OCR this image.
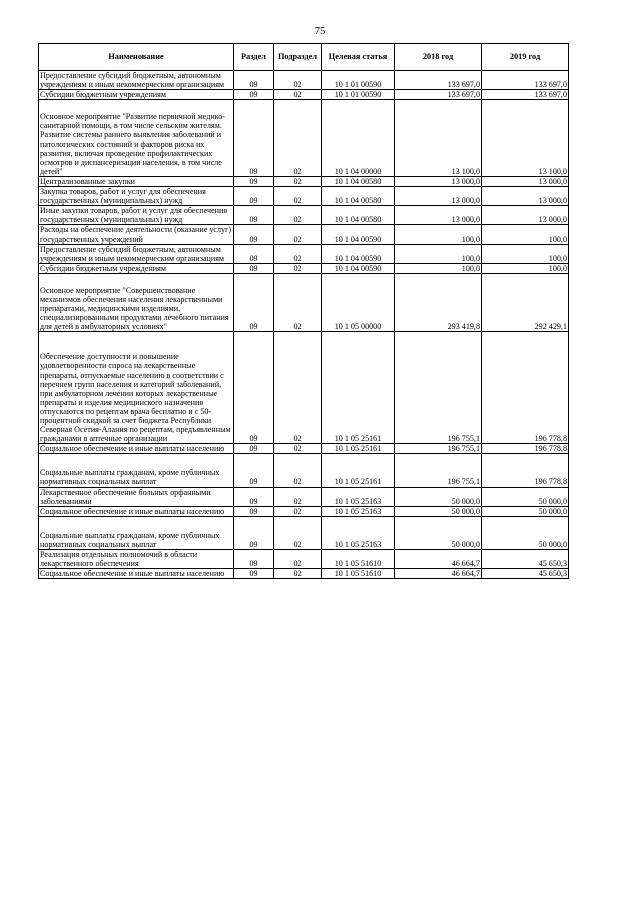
75
Наименование	Раздел	Подраздел	Целевая статья	2018 год	2019 год
Предоставление субсидий бюджетным, автономным учреждениям и иным некоммерческим организациям	09	02	10 1 01 00590	133 697,0	133 697,0
Субсидии бюджетным учреждениям	09	02	10 1 01 00590	133 697,0	133 697,0
Основное мероприятие "Развитие первичной медико-санитарной помощи, в том числе сельским жителям. Развитие системы раннего выявления заболеваний и патологических состояний и факторов риска их развития, включая проведение профилактических осмотров и диспансеризации населения, в том числе детей"	09	02	10 1 04 00000	13 100,0	13 100,0
Централизованные закупки	09	02	10 1 04 00580	13 000,0	13 000,0
Закупка товаров, работ и услуг для обеспечения государственных (муниципальных) нужд	09	02	10 1 04 00580	13 000,0	13 000,0
Иные закупки товаров, работ и услуг для обеспечения государственных (муниципальных) нужд	09	02	10 1 04 00580	13 000,0	13 000,0
Расходы на обеспечение деятельности (оказание услуг) государственных учреждений	09	02	10 1 04 00590	100,0	100,0
Предоставление субсидий бюджетным, автономным учреждениям и иным некоммерческим организациям	09	02	10 1 04 00590	100,0	100,0
Субсидии бюджетным учреждениям	09	02	10 1 04 00590	100,0	100,0
Основное мероприятие "Совершенствование механизмов обеспечения населения лекарственными препаратами, медицинскими изделиями, специализированными продуктами лечебного питания для детей в амбулаторных условиях"	09	02	10 1 05 00000	293 419,8	292 429,1
Обеспечение доступности и повышение удовлетворенности спроса на лекарственные препараты, отпускаемые населению в соответствии с перечнем групп населения и категорий заболеваний, при амбулаторном лечении которых лекарственные препараты и изделия медицинского назначения отпускаются по рецептам врача бесплатно и с 50-процентной скидкой за счет бюджета Республики Северная Осетия-Алания по рецептам, предъявленным гражданами в аптечные организации	09	02	10 1 05 25161	196 755,1	196 778,8
Социальное обеспечение и иные выплаты населению	09	02	10 1 05 25161	196 755,1	196 778,8
Социальные выплаты гражданам, кроме публичных нормативных социальных выплат	09	02	10 1 05 25161	196 755,1	196 778,8
Лекарственное обеспечение больных орфанными заболеваниями	09	02	10 1 05 25163	50 000,0	50 000,0
Социальное обеспечение и иные выплаты населению	09	02	10 1 05 25163	50 000,0	50 000,0
Социальные выплаты гражданам, кроме публичных нормативных социальных выплат	09	02	10 1 05 25163	50 000,0	50 000,0
Реализация отдельных полномочий в области лекарственного обеспечения	09	02	10 1 05 51610	46 664,7	45 650,3
Социальное обеспечение и иные выплаты населению	09	02	10 1 05 51610	46 664,7	45 650,3
